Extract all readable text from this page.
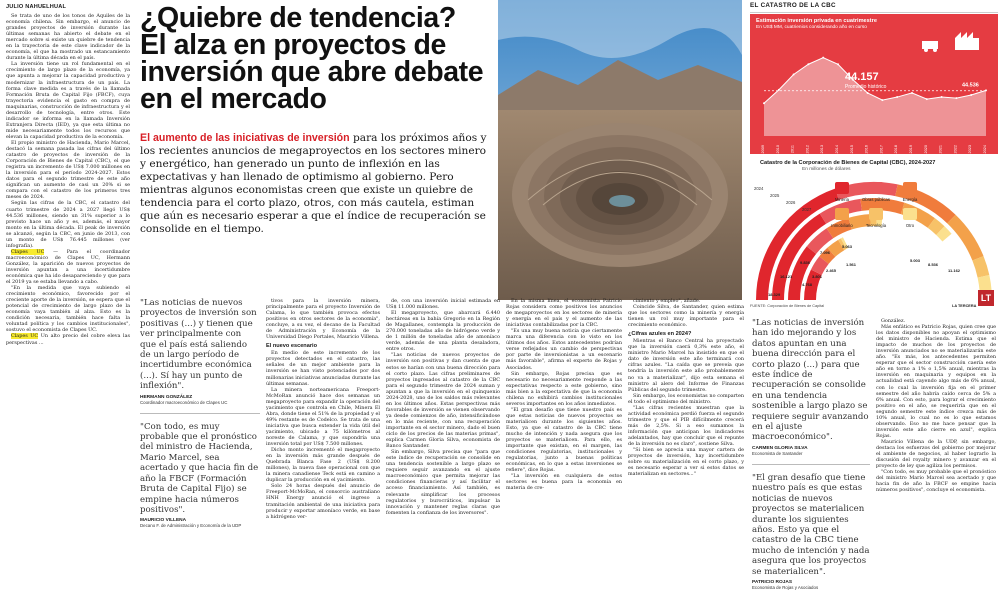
JULIO NAHUELHUAL

Se trata de uno de los tonos de Aquiles de la economía chilena. Sin embargo, el anuncio de grandes proyectos de inversión durante las últimas semanas ha abierto el debate en el mercado sobre si existe un quiebre de tendencia en la trayectoria de este clave indicador de la economía, el que ha mostrado un estancamiento durante la última década en el país.

La inversión tiene un rol fundamental en el crecimiento de largo plazo de la economía, ya que apunta a mejorar la capacidad productiva y modernizar la infraestructura de un país. La forma clave medida es a través de la llamada Formación Bruta de Capital Fijo (FBCF), cuya trayectoria evidencia el gasto en compra de maquinarias, construcción de infraestructura y el desarrollo de tecnología, entre otros. Este indicador se informa en la llamada Inversión Extranjera Directa (IED), ya que esta última no mide necesariamente todos los recursos que elevan la capacidad productiva de la economía.

El propio ministro de Hacienda, Mario Marcel, destacó la semana pasada las cifras del último catastro de proyectos de inversión de la Corporación de Bienes de Capital (CBC), el que registra un incremento de US$ 7.000 millones en la inversión para el período 2024-2027. Estos datos para el segundo trimestre de este año significan un aumento de casi un 20% si se compara con el catastro de los primeros tres meses de 2024.

Según las cifras de la CBC, el catastro del cuarto trimestre de 2024 a 2027 llegó US$ 44.536 millones, siendo un 31% superior a lo previsto hace un año y es, además, el mayor monto en la última década. El peak de inversión se alcanzó, según la CBC, en junio de 2013, con un monto de US$ 76.445 millones (ver infografía).

Clapes UC — Para el coordinador macroeconómico de Clapes UC, Hermann González, la aparición de nuevos proyectos de inversión apuntan a una incertidumbre económica que ha ido desapareciendo y que para el 2019 ya se estaba llevando a cabo.

"En la medida que vaya subiendo el crecimiento económico, favorecido por el creciente aporte de la inversión, se espera que el potencial de crecimiento de largo plazo de la economía vaya también al alza. Esto es la condición necesaria, también hace falta la voluntad política y los cambios institucionales", sostuvo el economista de Clapes UC.

Clapes UC Un alto precio del cobre eleva las perspectivas ...

¿Quiebre de tendencia? El alza en proyectos de inversión que abre debate en el mercado
El aumento de las iniciativas de inversión para los próximos años y los recientes anuncios de megaproyectos en los sectores minero y energético, han generado un punto de inflexión en las expectativas y han llenado de optimismo al gobierno. Pero mientras algunos economistas creen que existe un quiebre de tendencia para el corto plazo, otros, con más cautela, estiman que aún es necesario esperar a que el índice de recuperación se consolide en el tiempo.
EL CATASTRO DE LA CBC
Estimación inversión privada en cuatrimestre
En US$ MM, cuatrienios considerando año en curso
44.157
Promedio histórico	44.536
2009	2010	2011	2012	2013	2014	2015	2016	2017	2018	2019	2020	2021	2022	2023	2024
Catastro de la Corporación de Bienes de Capital (CBC), 2024-2027
En millones de dólares
2024
2025
2026
2027
18.329
16.121
9.836
7.096
5.063
4.768
3.801
2.465
1.561
11.162
8.536
5.003
Minería	Obras públicas	Energía
Inmobiliario	Tecnología	Otro
FUENTE: Corporación de Bienes de Capital	LA TERCERA
LT
"Las noticias de nuevos proyectos de inversión son positivas (...) y tienen que ver principalmente con que el país está saliendo de un largo período de incertidumbre económica (...). Sí hay un punto de inflexión".
HERMANN GONZÁLEZ
Coordinador macroeconómico de Clapes UC
"Con todo, es muy probable que el pronóstico del ministro de Hacienda, Mario Marcel, sea acertado y que hacia fin de año la FBCF (Formación Bruta de Capital Fijo) se empine hacia números positivos".
MAURICIO VILLENA
Decano F. de Administración y Economía de la UDP

tivos para la inversión minera, principalmente para el proyecto Inversión de Calama, lo que también provoca efectos positivos en otros sectores de la economía", concluye, a su vez, el decano de la Facultad de Administración y Economía de la Universidad Diego Portales, Mauricio Villena.

El nuevo escenario

En medio de este incremento de los proyectos detectados en el catastro, las señales de un mejor ambiente para la inversión se han visto potenciados por dos millonarias iniciativas anunciadas durante las últimas semanas.

La minera norteamericana Freeport-McMoRan anunció hace dos semanas un megaproyecto para expandir la operación del yacimiento que controla en Chile, Minera El Abra, donde tiene el 51% de la propiedad y el 49% restante es de Codelco. Se trata de una iniciativa que busca extender la vida útil del yacimiento, ubicado a 75 kilómetros al noreste de Calama, y que supondría una inversión total por US$ 7.500 millones.

Dicho monto incrementó el megaproyecto en la inversión más grande después de Quebrada Blanca Fase 2 (US$ 8.200 millones), la nueva fase operacional con que la minera canadiense Teck está en camino a duplicar la producción en el yacimiento.

Solo 24 horas después del anuncio de Freeport-McMoRan, el consorcio australiano HNH Energy anunció el ingreso a tramitación ambiental de una iniciativa para producir y exportar amoníaco verde, en base a hidrógeno ver-

de, con una inversión inicial estimada en US$ 11.000 millones.

El megaproyecto, que abarcará 6.440 hectáreas en la bahía Gregorio en la Región de Magallanes, contempla la producción de 270.000 toneladas año de hidrógeno verde y de 1 millón de toneladas año de amoníaco verde, además de una planta desaladora, entre otros.

"Las noticias de nuevos proyectos de inversión son positivas y dan cuenta de que estos se harían con una buena dirección para el corto plazo. Las cifras preliminares de proyectos ingresados al catastro de la CBC para el segundo trimestre de 2024 suman y apuntan a que la inversión en el quinquenio 2024-2028, uno de los saldos más relevantes en los últimos años. Estas perspectivas más favorables de inversión se vienen observando ya desde comienzos de año, intensificándose en lo más reciente, con una recuperación importante en el sector minero, dado el buen ciclo de los precios de las materias primas", explica Carmen Gloria Silva, economista de Banco Santander.

Sin embargo, Silva precisa que "para que este índice de recuperación se consolide en una tendencia sostenible a largo plazo se requiere seguir avanzando en el ajuste macroeconómico que permita mejorar las condiciones financieras y así facilitar el acceso financiamiento. Así también, es relevante simplificar los procesos regulatorios y burocráticos, impulsar la innovación y mantener reglas claras que fomenten la confianza de los inversores".

En la misma línea, el economista Patricio Rojas considera como positivos los anuncios de megaproyectos en los sectores de minería y energía en el país y el aumento de las iniciativas contabilizadas por la CBC.

"Es una muy buena noticia que ciertamente marca una diferencia con lo visto en los últimos dos años. Estos antecedentes podrían verse reflejados un cambio de perspectivas por parte de inversionistas a un escenario más favorable", afirma el experto de Rojas y Asociados.

Sin embargo, Rojas precisa que es necesario no necesariamente responde a las expectativas respecto a este gobierno, sino más bien a la expectativa de que la economía chilena no exhibirá cambios institucionales severos importantes en los años inmediatos.

"El gran desafío que tiene nuestro país es que estas noticias de nuevos proyectos se materialicen durante los siguientes años. Esto, ya que el catastro de la CBC tiene mucho de intención y nada asegura que los proyectos se materialicen. Para ello, es importante que existan, en el margen, las condiciones regulatorias, institucionales y regulatorias, junto a buenas políticas económicas, en lo que a estas inversiones se refiere", dice Rojas.

"La inversión en cualquiera de estos sectores es buena para la economía en materia de cre-

cimiento y empleo", añade.

Coincide Silva, de Santander, quien estima que los sectores como la minería y energía tienen un rol muy importante para el crecimiento económico.

¿Cifras azules en 2024?

Mientras el Banco Central ha proyectado que la inversión caerá 0,3% este año, el ministro Mario Marcel ha insistido en que el dato de inversión este año terminará con cifras azules. "La caída que se preveía que tendría la inversión este año probablemente no va a materializar", dijo esta semana el ministro al alero del Informe de Finanzas Públicas del segundo trimestre.

Sin embargo, los economistas no comparten el todo el optimismo del ministro.

"Las cifras recientes muestran que la actividad económica perdió fuerza el segundo trimestre y que el PIB difícilmente crecerá más de 2,5%. Si a eso sumamos la información que anticipan los indicadores adelantados, hay que concluir que el repunte de la inversión no es claro", sostiene Silva.

"Si bien se aprecia una mayor cartera de proyectos de inversión, hay incertidumbre sobre su materialización en el corto plazo, y es necesario esperar a ver si estos datos se materializan en sectores..."

"Las noticias de inversión han ido mejorando y los datos apuntan en una buena dirección para el corto plazo (...) para que este índice de recuperación se consolide en una tendencia sostenible a largo plazo se requiere seguir avanzando en el ajuste macroeconómico".
CARMEN GLORIA SILVA
Economista de Santander
"El gran desafío que tiene nuestro país es que estas noticias de nuevos proyectos se materialicen durante los siguientes años. Esto ya que el catastro de la CBC tiene mucho de intención y nada asegura que los proyectos se materialicen".
PATRICIO ROJAS
Economista de Rojas y Asociados

González.

Más enfático es Patricio Rojas, quien cree que los datos disponibles no apoyan el optimismo del ministro de Hacienda. Estima que el impacto de muchos de los proyectos de inversión anunciados no se materializarán este año. "Es más, los antecedentes permiten esperar que el sector construcción caería este año en torno a 1% o 1,5% anual, mientras la inversión en maquinaria y equipos en la actualidad está cayendo algo más de 6% anual, con lo cual la inversión fija en el primer semestre del año habría caído cerca de 5% a 6% anual. Con esto, para lograr el crecimiento positivo en el año, se requeriría que en el segundo semestre este índice crezca más de 10% anual, lo cual no es lo que estamos observando. Eso no me hace pensar que la inversión este año cierre en azul", explica Rojas.

Mauricio Villena de la UDP, sin embargo, destaca los esfuerzos del gobierno por mejorar el ambiente de negocios, al haber lograrlo la discusión del royalty minero y avanzar en el proyecto de ley que agiliza los permisos.

"Con todo, es muy probable que el pronóstico del ministro Mario Marcel sea acertado y que hacia fin de año la FBCF se empine hacia números positivos", concluye el economista.
